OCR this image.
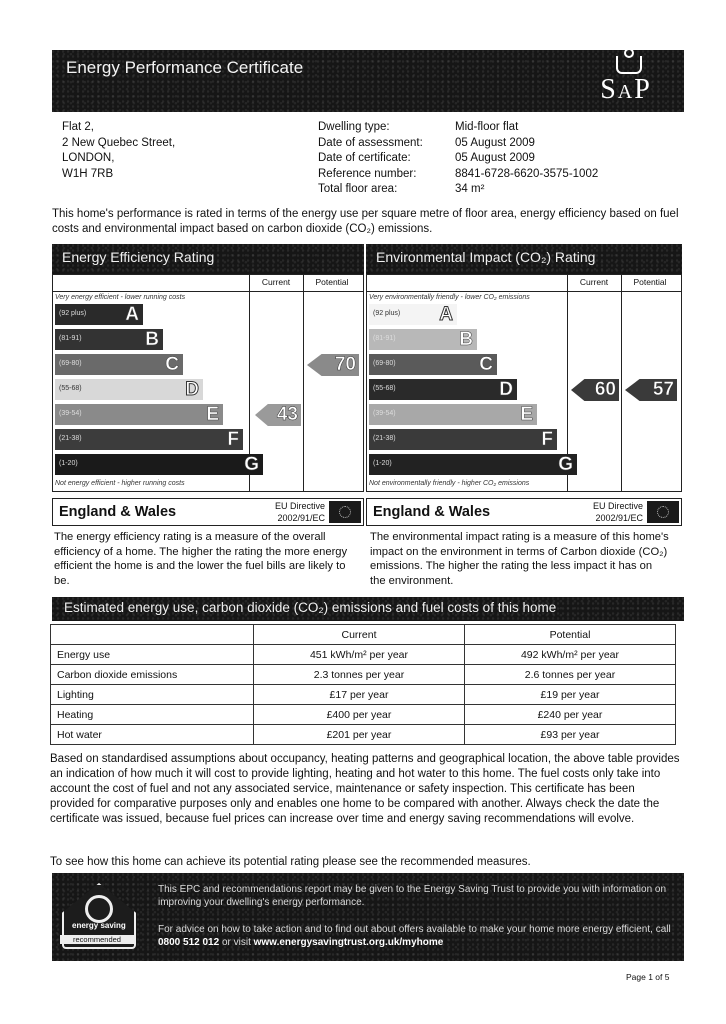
Energy Performance Certificate
SAP
Flat 2,
2 New Quebec Street,
LONDON,
W1H 7RB
Dwelling type:	Mid-floor flat
Date of assessment:	05 August 2009
Date of certificate:	05 August 2009
Reference number:	8841-6728-6620-3575-1002
Total floor area:	34 m²
This home's performance is rated in terms of the energy use per square metre of floor area, energy efficiency based on fuel costs and environmental impact based on carbon dioxide (CO₂) emissions.
Energy Efficiency Rating
Current	Potential
Very energy efficient - lower running costs
Not energy efficient - higher running costs
43
70
(92 plus) A
(81-91)	B
(69-80)	C
(55-68)	D
(39-54)	E
(21-38)	F
(1-20)	G
England & Wales	EU Directive
2002/91/EC
Environmental Impact (CO₂) Rating
Current	Potential
Very environmentally friendly - lower CO₂ emissions
Not environmentally friendly - higher CO₂ emissions
60 57
(92 plus) A
(81-91)	B
(69-80)	C
(55-68)	D
(39-54)	E
(21-38)	F
(1-20)	G
England & Wales	EU Directive
2002/91/EC
The energy efficiency rating is a measure of the overall efficiency of a home. The higher the rating the more energy efficient the home is and the lower the fuel bills are likely to be.
The environmental impact rating is a measure of this home's impact on the environment in terms of Carbon dioxide (CO₂) emissions. The higher the rating the less impact it has on the environment.
Estimated energy use, carbon dioxide (CO₂) emissions and fuel costs of this home
	Current	Potential
Energy use	451 kWh/m² per year	492 kWh/m² per year
Carbon dioxide emissions	2.3 tonnes per year	2.6 tonnes per year
Lighting	£17 per year	£19 per year
Heating	£400 per year	£240 per year
Hot water	£201 per year	£93 per year
Based on standardised assumptions about occupancy, heating patterns and geographical location, the above table provides an indication of how much it will cost to provide lighting, heating and hot water to this home. The fuel costs only take into account the cost of fuel and not any associated service, maintenance or safety inspection. This certificate has been provided for comparative purposes only and enables one home to be compared with another. Always check the date the certificate was issued, because fuel prices can increase over time and energy saving recommendations will evolve.
To see how this home can achieve its potential rating please see the recommended measures.
energy saving
recommended
This EPC and recommendations report may be given to the Energy Saving Trust to provide you with information on improving your dwelling's energy performance.
For advice on how to take action and to find out about offers available to make your home more energy efficient, call 0800 512 012 or visit www.energysavingtrust.org.uk/myhome
Page 1 of 5
